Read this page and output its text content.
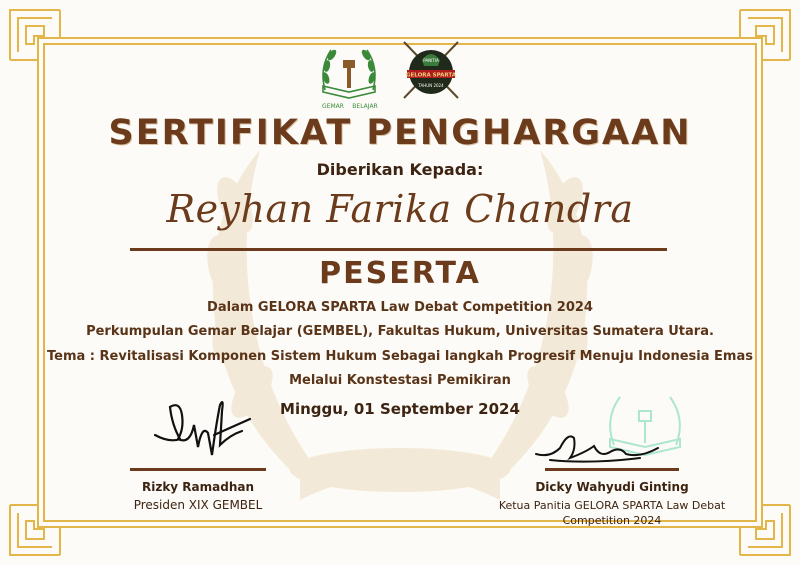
GEMAR BELAJAR
PANITIA
GELORA SPARTA
TAHUN 2024
SERTIFIKAT PENGHARGAAN
Diberikan Kepada:
Reyhan Farika Chandra
PESERTA
Dalam GELORA SPARTA Law Debat Competition 2024
Perkumpulan Gemar Belajar (GEMBEL), Fakultas Hukum, Universitas Sumatera Utara.
Tema : Revitalisasi Komponen Sistem Hukum Sebagai langkah Progresif Menuju Indonesia Emas
Melalui Konstestasi Pemikiran
Minggu, 01 September 2024
Rizky Ramadhan
Presiden XIX GEMBEL
Dicky Wahyudi Ginting
Ketua Panitia GELORA SPARTA Law Debat
Competition 2024
